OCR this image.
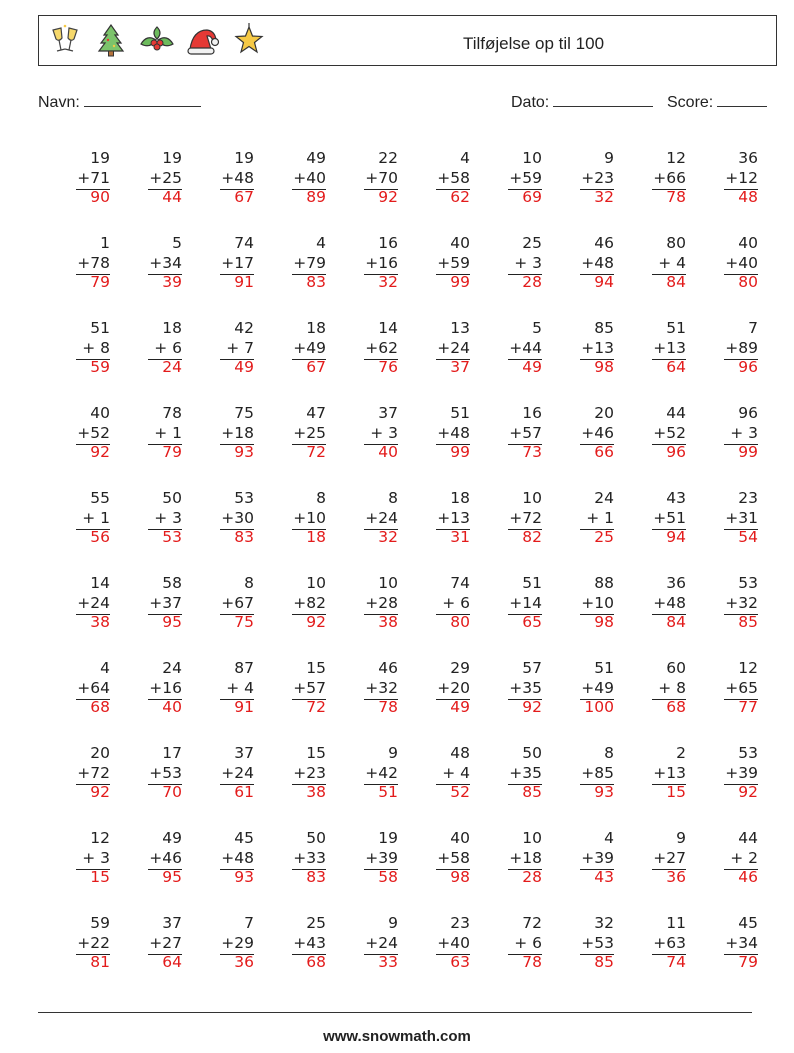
Tilføjelse op til 100
Navn:	Dato:	Score:
19
+71
90
19
+25
44
19
+48
67
49
+40
89
22
+70
92
4
+58
62
10
+59
69
9
+23
32
12
+66
78
36
+12
48
1
+78
79
5
+34
39
74
+17
91
4
+79
83
16
+16
32
40
+59
99
25
+ 3
28
46
+48
94
80
+ 4
84
40
+40
80
51
+ 8
59
18
+ 6
24
42
+ 7
49
18
+49
67
14
+62
76
13
+24
37
5
+44
49
85
+13
98
51
+13
64
7
+89
96
40
+52
92
78
+ 1
79
75
+18
93
47
+25
72
37
+ 3
40
51
+48
99
16
+57
73
20
+46
66
44
+52
96
96
+ 3
99
55
+ 1
56
50
+ 3
53
53
+30
83
8
+10
18
8
+24
32
18
+13
31
10
+72
82
24
+ 1
25
43
+51
94
23
+31
54
14
+24
38
58
+37
95
8
+67
75
10
+82
92
10
+28
38
74
+ 6
80
51
+14
65
88
+10
98
36
+48
84
53
+32
85
4
+64
68
24
+16
40
87
+ 4
91
15
+57
72
46
+32
78
29
+20
49
57
+35
92
51
+49
100
60
+ 8
68
12
+65
77
20
+72
92
17
+53
70
37
+24
61
15
+23
38
9
+42
51
48
+ 4
52
50
+35
85
8
+85
93
2
+13
15
53
+39
92
12
+ 3
15
49
+46
95
45
+48
93
50
+33
83
19
+39
58
40
+58
98
10
+18
28
4
+39
43
9
+27
36
44
+ 2
46
59
+22
81
37
+27
64
7
+29
36
25
+43
68
9
+24
33
23
+40
63
72
+ 6
78
32
+53
85
11
+63
74
45
+34
79
www.snowmath.com
